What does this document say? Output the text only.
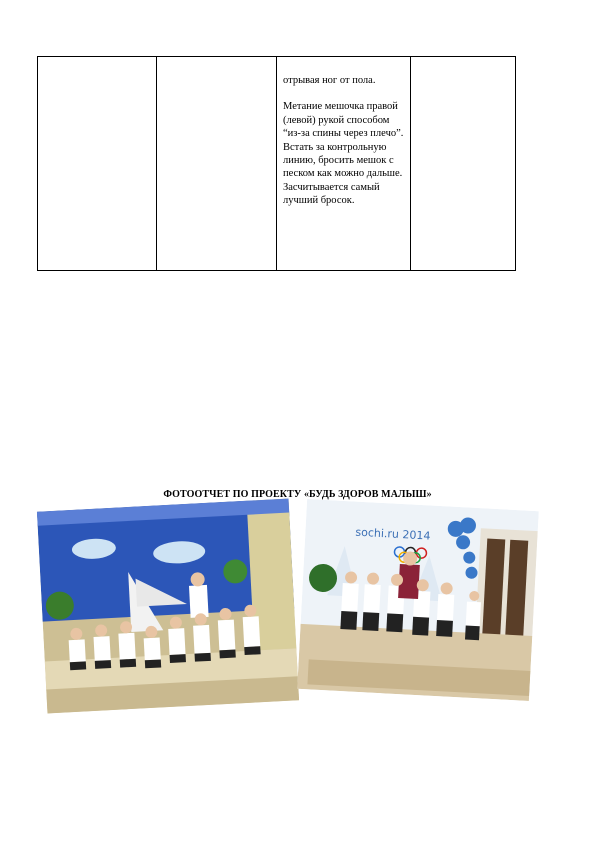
отрывая ног от пола.

Метание мешочка правой (левой) рукой способом “из-за спины через плечо”. Встать за контрольную линию, бросить мешок с песком как можно дальше. Засчитывается самый лучший бросок.

ФОТООТЧЕТ ПО ПРОЕКТУ «БУДЬ ЗДОРОВ МАЛЫШ»
sochi.ru 2014
